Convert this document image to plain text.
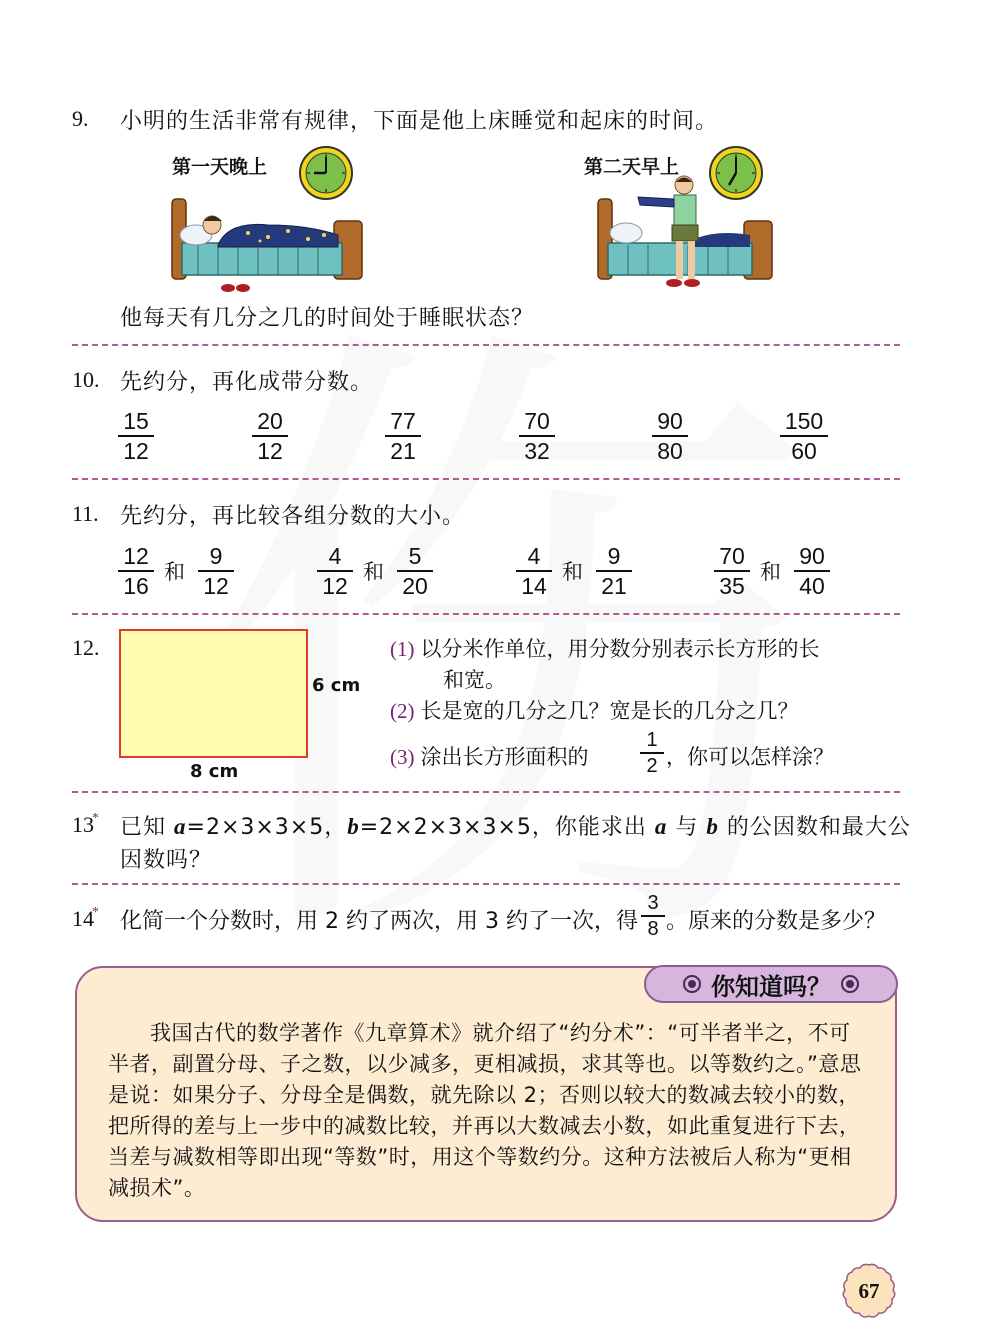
9. 小明的生活非常有规律，下面是他上床睡觉和起床的时间。
第一天晚上	第二天早上
他每天有几分之几的时间处于睡眠状态？
10. 先约分，再化成带分数。
15
12
20
12
77
21
70
32
90
80
150
60
11. 先约分，再比较各组分数的大小。
12
16
和
9
12
4
12
和
5
20
4
14
和
9
21
70
35
和
90
40
12.
6 cm
8 cm
(1) 以分米作单位，用分数分别表示长方形的长
和宽。
(2) 长是宽的几分之几？宽是长的几分之几？
(3) 涂出长方形面积的
1
2 ，你可以怎样涂？
13* 已知 a=2×3×3×5，b=2×2×3×3×5，你能求出 a 与 b 的公因数和最大公
因数吗？
14* 化简一个分数时，用 2 约了两次，用 3 约了一次，得
3
8 。原来的分数是多少？
你知道吗？

我国古代的数学著作《九章算术》就介绍了“约分术”：“可半者半之，不可半者，副置分母、子之数，以少减多，更相减损，求其等也。以等数约之。”意思是说：如果分子、分母全是偶数，就先除以 2；否则以较大的数减去较小的数，把所得的差与上一步中的减数比较，并再以大数减去小数，如此重复进行下去，当差与减数相等即出现“等数”时，用这个等数约分。这种方法被后人称为“更相减损术”。

67
